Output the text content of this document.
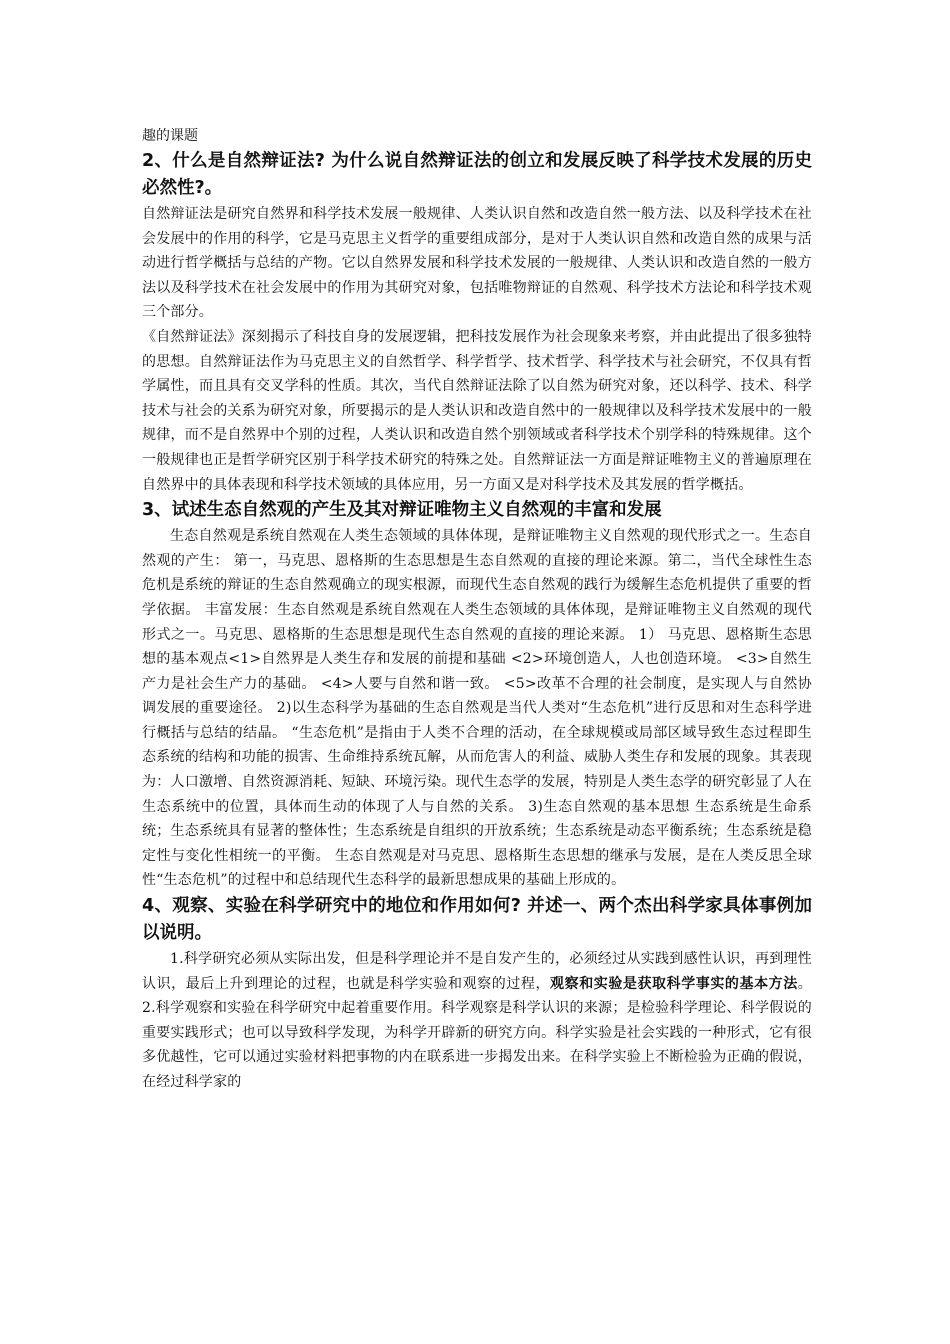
趣的课题

2、什么是自然辩证法? 为什么说自然辩证法的创立和发展反映了科学技术发展的历史必然性?。

自然辩证法是研究自然界和科学技术发展一般规律、人类认识自然和改造自然一般方法、以及科学技术在社会发展中的作用的科学，它是马克思主义哲学的重要组成部分，是对于人类认识自然和改造自然的成果与活动进行哲学概括与总结的产物。它以自然界发展和科学技术发展的一般规律、人类认识和改造自然的一般方法以及科学技术在社会发展中的作用为其研究对象，包括唯物辩证的自然观、科学技术方法论和科学技术观三个部分。

《自然辩证法》深刻揭示了科技自身的发展逻辑，把科技发展作为社会现象来考察，并由此提出了很多独特的思想。自然辩证法作为马克思主义的自然哲学、科学哲学、技术哲学、科学技术与社会研究，不仅具有哲学属性，而且具有交叉学科的性质。其次，当代自然辩证法除了以自然为研究对象，还以科学、技术、科学技术与社会的关系为研究对象，所要揭示的是人类认识和改造自然中的一般规律以及科学技术发展中的一般规律，而不是自然界中个别的过程，人类认识和改造自然个别领域或者科学技术个别学科的特殊规律。这个一般规律也正是哲学研究区别于科学技术研究的特殊之处。自然辩证法一方面是辩证唯物主义的普遍原理在自然界中的具体表现和科学技术领域的具体应用，另一方面又是对科学技术及其发展的哲学概括。

3、试述生态自然观的产生及其对辩证唯物主义自然观的丰富和发展

生态自然观是系统自然观在人类生态领域的具体体现，是辩证唯物主义自然观的现代形式之一。生态自然观的产生： 第一，马克思、恩格斯的生态思想是生态自然观的直接的理论来源。第二，当代全球性生态危机是系统的辩证的生态自然观确立的现实根源，而现代生态自然观的践行为缓解生态危机提供了重要的哲学依据。 丰富发展：生态自然观是系统自然观在人类生态领域的具体体现，是辩证唯物主义自然观的现代形式之一。马克思、恩格斯的生态思想是现代生态自然观的直接的理论来源。 1） 马克思、恩格斯生态思想的基本观点<1>自然界是人类生存和发展的前提和基础 <2>环境创造人，人也创造环境。 <3>自然生产力是社会生产力的基础。 <4>人要与自然和谐一致。 <5>改革不合理的社会制度，是实现人与自然协调发展的重要途径。 2)以生态科学为基础的生态自然观是当代人类对“生态危机”进行反思和对生态科学进行概括与总结的结晶。 “生态危机”是指由于人类不合理的活动，在全球规模或局部区域导致生态过程即生态系统的结构和功能的损害、生命维持系统瓦解，从而危害人的利益、威胁人类生存和发展的现象。其表现为：人口激增、自然资源消耗、短缺、环境污染。现代生态学的发展，特别是人类生态学的研究彰显了人在生态系统中的位置，具体而生动的体现了人与自然的关系。 3)生态自然观的基本思想 生态系统是生命系统；生态系统具有显著的整体性；生态系统是自组织的开放系统；生态系统是动态平衡系统；生态系统是稳定性与变化性相统一的平衡。 生态自然观是对马克思、恩格斯生态思想的继承与发展，是在人类反思全球性“生态危机”的过程中和总结现代生态科学的最新思想成果的基础上形成的。

4、观察、实验在科学研究中的地位和作用如何? 并述一、两个杰出科学家具体事例加以说明。

1.科学研究必须从实际出发，但是科学理论并不是自发产生的，必须经过从实践到感性认识，再到理性认识，最后上升到理论的过程，也就是科学实验和观察的过程，观察和实验是获取科学事实的基本方法。 2.科学观察和实验在科学研究中起着重要作用。科学观察是科学认识的来源；是检验科学理论、科学假说的重要实践形式；也可以导致科学发现，为科学开辟新的研究方向。科学实验是社会实践的一种形式，它有很多优越性，它可以通过实验材料把事物的内在联系进一步揭发出来。在科学实验上不断检验为正确的假说，在经过科学家的
